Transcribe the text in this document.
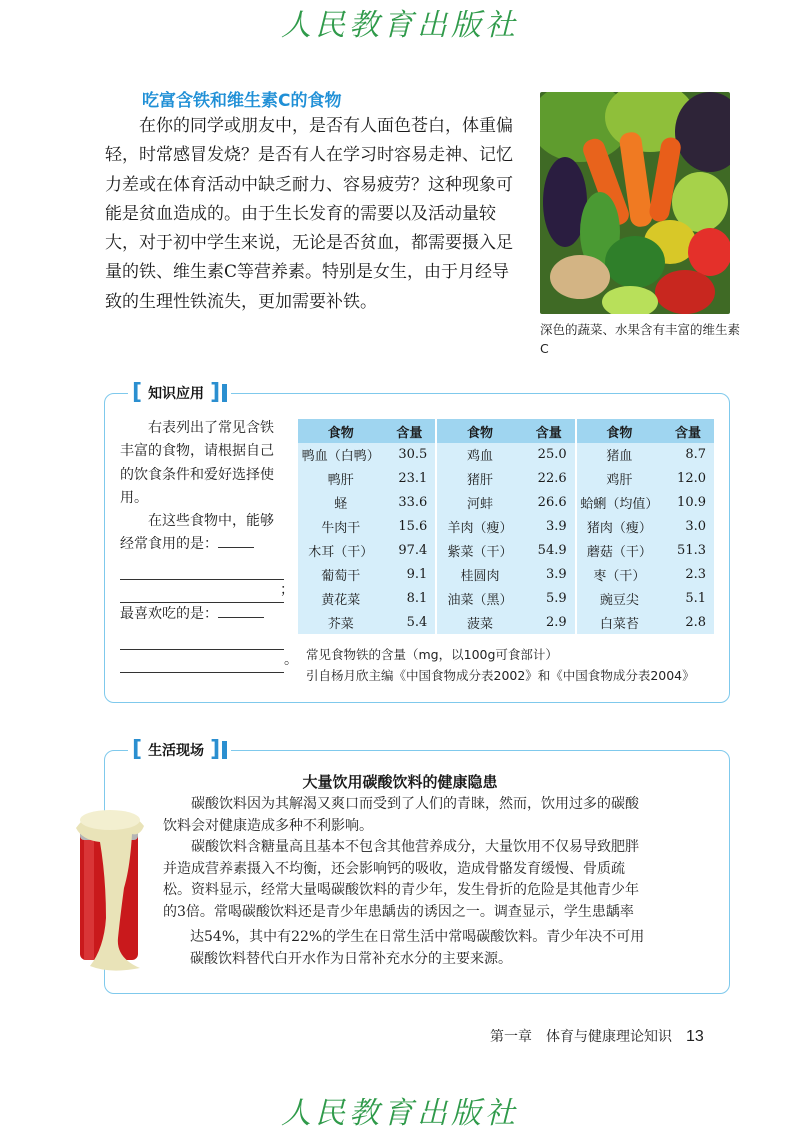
人民教育出版社
吃富含铁和维生素C的食物

在你的同学或朋友中，是否有人面色苍白，体重偏轻，时常感冒发烧？是否有人在学习时容易走神、记忆力差或在体育活动中缺乏耐力、容易疲劳？这种现象可能是贫血造成的。由于生长发育的需要以及活动量较大，对于初中学生来说，无论是否贫血，都需要摄入足量的铁、维生素C等营养素。特别是女生，由于月经导致的生理性铁流失，更加需要补铁。

深色的蔬菜、水果含有丰富的维生素C
[ 知识应用 ]

右表列出了常见含铁丰富的食物，请根据自己的饮食条件和爱好选择使用。

在这些食物中，能够经常食用的是：

；

最喜欢吃的是：

。
食物	含量	食物	含量	食物	含量
鸭血（白鸭）	30.5	鸡血	25.0	猪血	8.7
鸭肝	23.1	猪肝	22.6	鸡肝	12.0
蛏	33.6	河蚌	26.6	蛤蜊（均值）	10.9
牛肉干	15.6	羊肉（瘦）	3.9	猪肉（瘦）	3.0
木耳（干）	97.4	紫菜（干）	54.9	蘑菇（干）	51.3
葡萄干	9.1	桂圆肉	3.9	枣（干）	2.3
黄花菜	8.1	油菜（黑）	5.9	豌豆尖	5.1
芥菜	5.4	菠菜	2.9	白菜苔	2.8
常见食物铁的含量（mg，以100g可食部计）
引自杨月欣主编《中国食物成分表2002》和《中国食物成分表2004》
[ 生活现场 ]
大量饮用碳酸饮料的健康隐患

碳酸饮料因为其解渴又爽口而受到了人们的青睐，然而，饮用过多的碳酸

饮料会对健康造成多种不利影响。

碳酸饮料含糖量高且基本不包含其他营养成分，大量饮用不仅易导致肥胖

并造成营养素摄入不均衡，还会影响钙的吸收，造成骨骼发育缓慢、骨质疏

松。资料显示，经常大量喝碳酸饮料的青少年，发生骨折的危险是其他青少年

的3倍。常喝碳酸饮料还是青少年患龋齿的诱因之一。调查显示，学生患龋率

达54%，其中有22%的学生在日常生活中常喝碳酸饮料。青少年决不可用

碳酸饮料替代白开水作为日常补充水分的主要来源。

第一章　体育与健康理论知识 13
人民教育出版社
